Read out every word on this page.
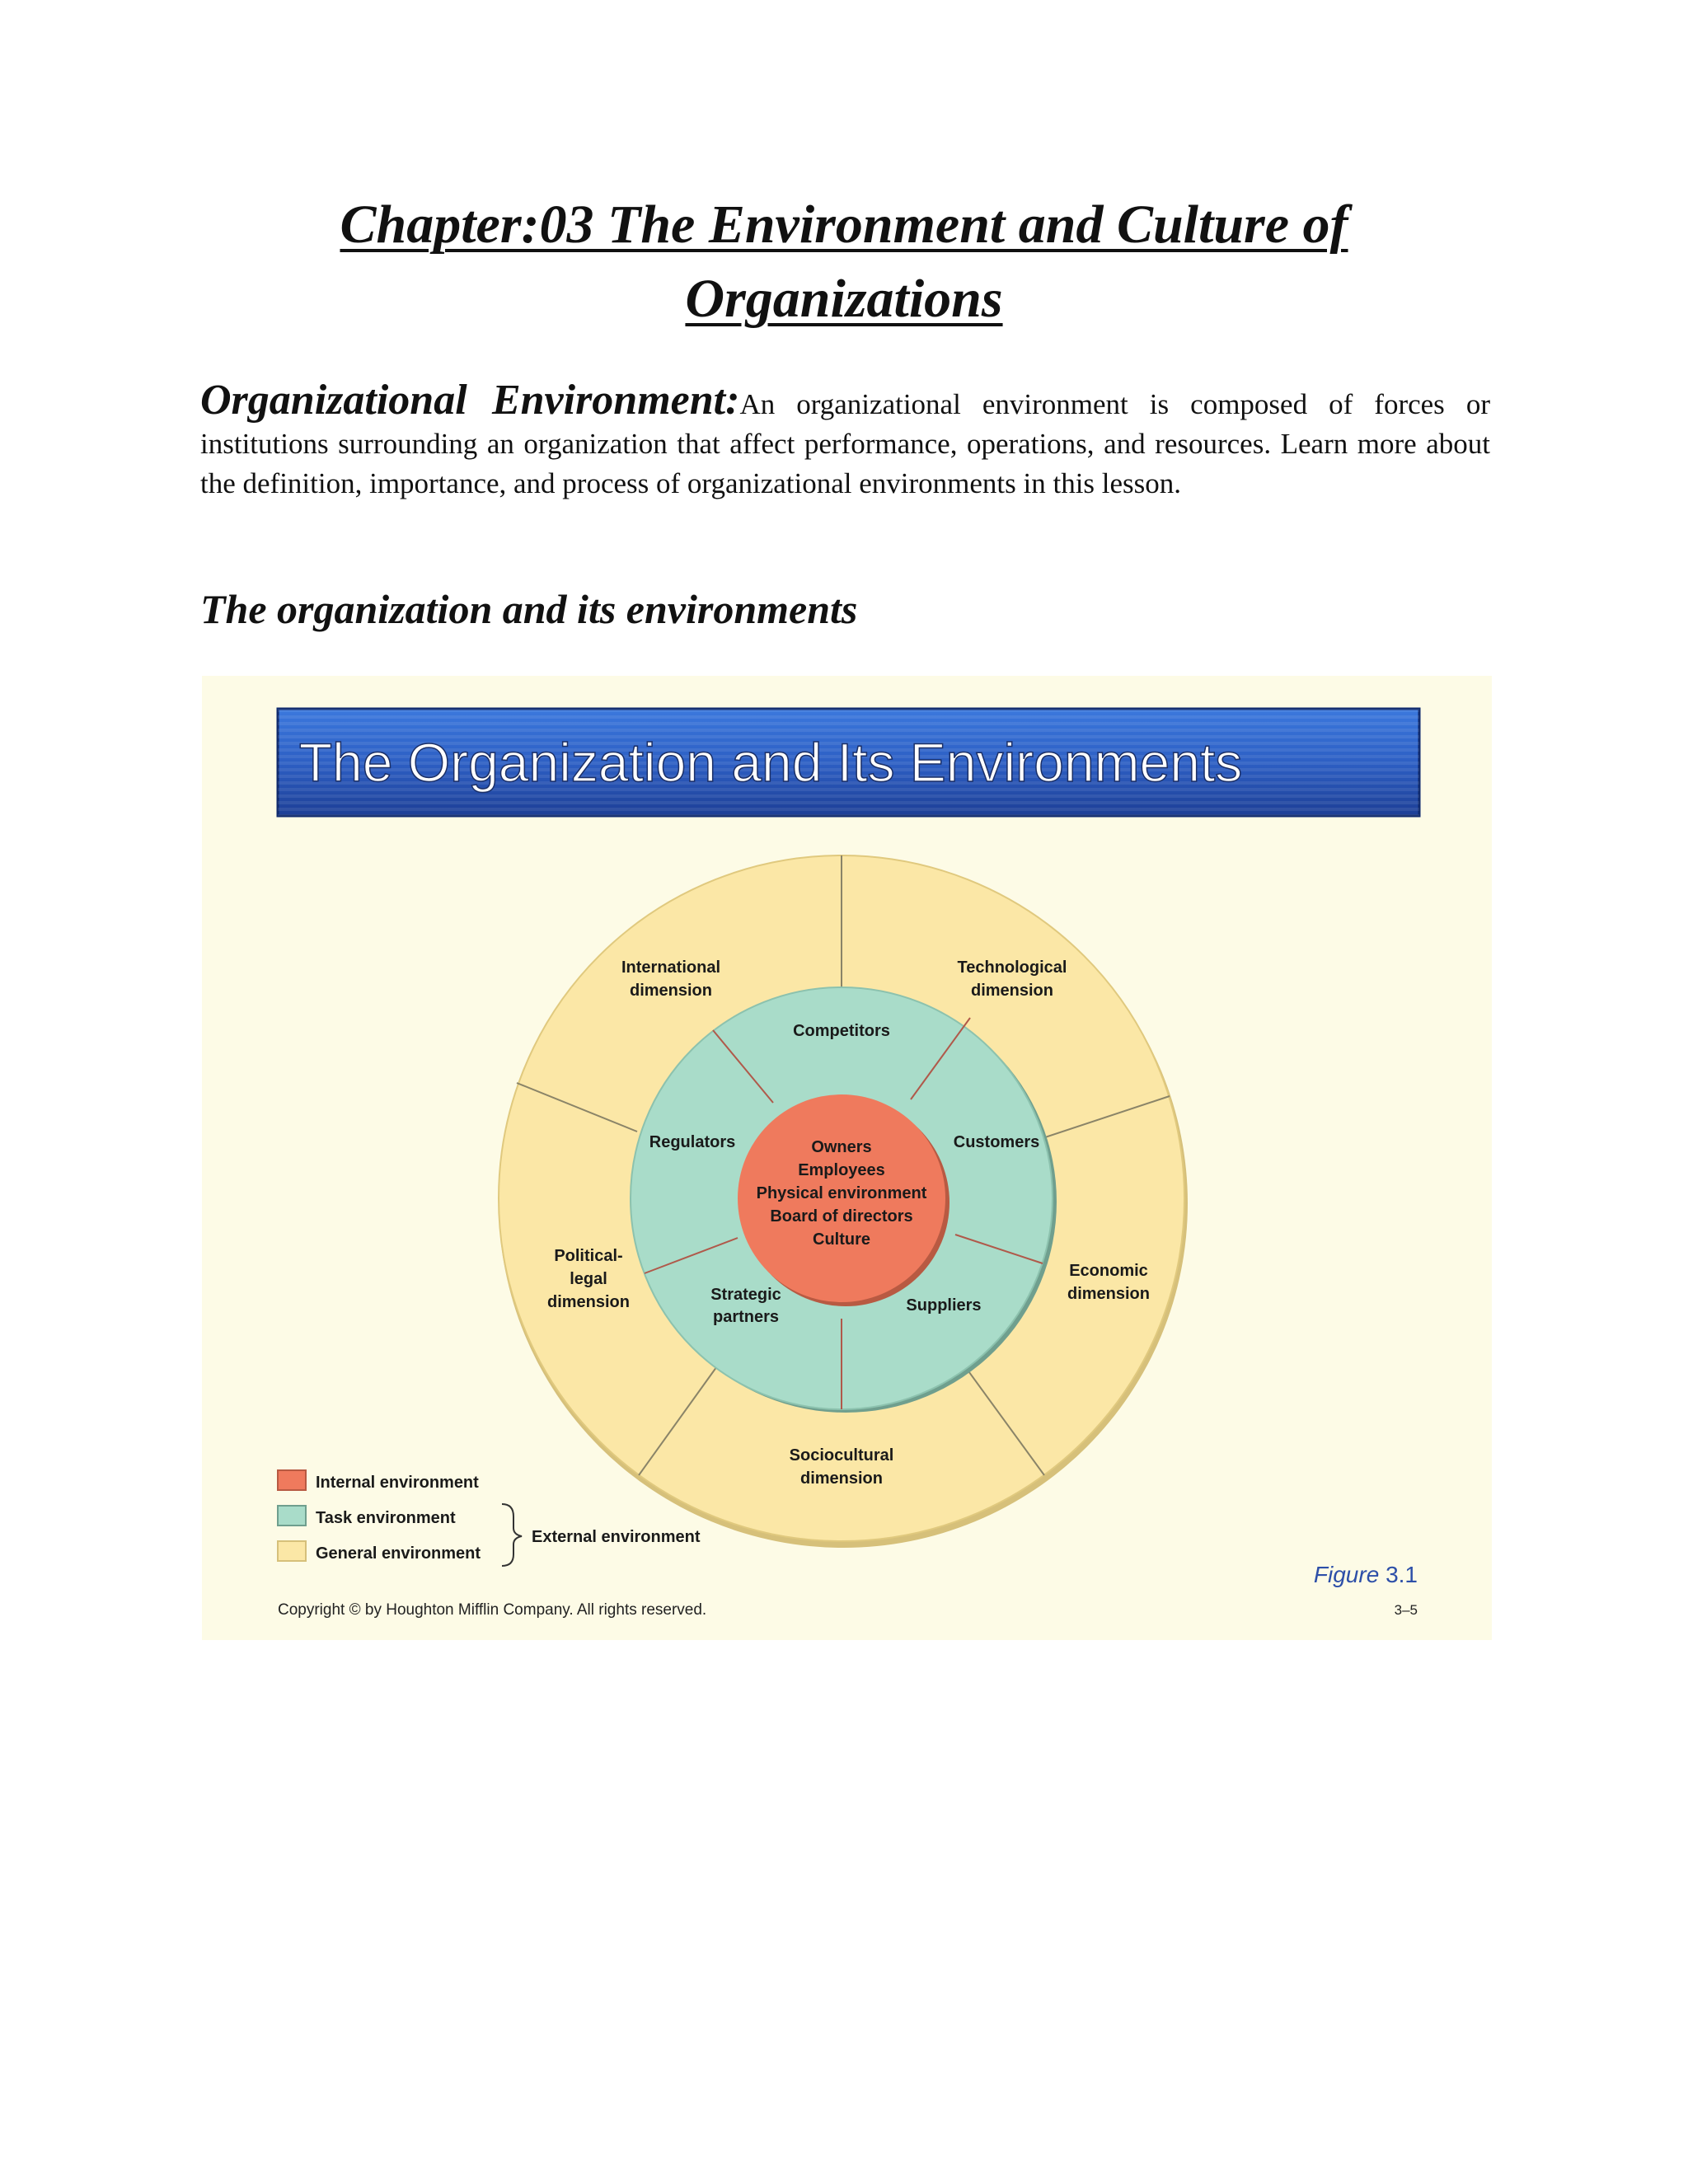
Chapter:03 The Environment and Culture of
Organizations

Organizational Environment:An organizational environment is composed of forces or institutions surrounding an organization that affect performance, operations, and resources. Learn more about the definition, importance, and process of organizational environments in this lesson.

The organization and its environments
The Organization and Its Environments
Owners
Employees
Physical environment
Board of directors
Culture
Competitors
Customers
Suppliers
Strategic
partners
Regulators
International
dimension
Technological
dimension
Economic
dimension
Sociocultural
dimension
Political-
legal
dimension
Internal environment
Task environment
General environment
External environment
Figure 3.1
Copyright © by Houghton Mifflin Company. All rights reserved.	3–5
